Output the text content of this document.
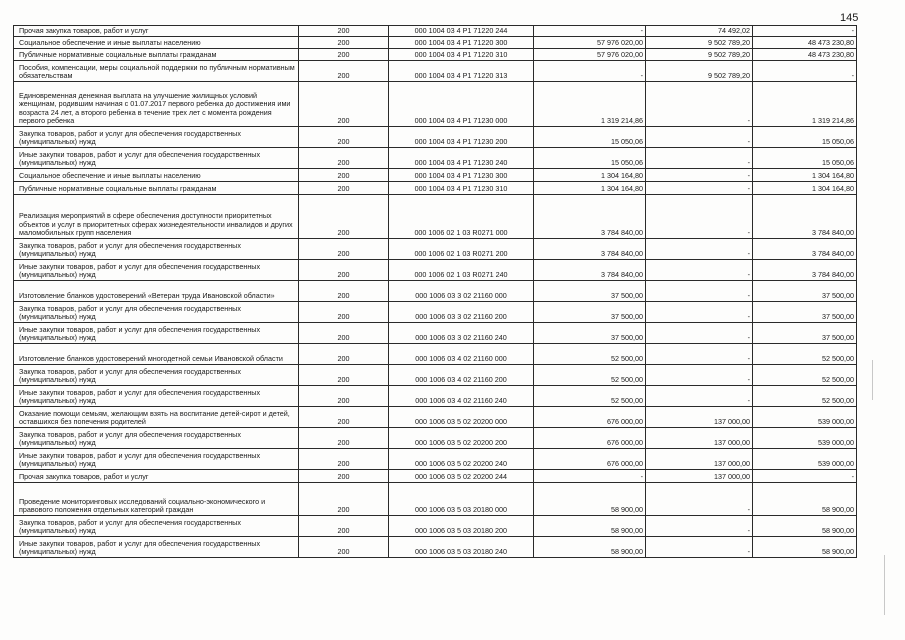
145
Прочая закупка товаров, работ и услуг	200	000 1004 03 4 P1 71220 244	-	74 492,02	-
Социальное обеспечение и иные выплаты населению	200	000 1004 03 4 P1 71220 300	57 976 020,00	9 502 789,20	48 473 230,80
Публичные нормативные социальные выплаты гражданам	200	000 1004 03 4 P1 71220 310	57 976 020,00	9 502 789,20	48 473 230,80
Пособия, компенсации, меры социальной поддержки по публичным нормативным обязательствам	200	000 1004 03 4 P1 71220 313	-	9 502 789,20	-
Единовременная денежная выплата на улучшение жилищных условий женщинам, родившим начиная с 01.07.2017 первого ребенка до достижения ими возраста 24 лет, а второго ребенка в течение трех лет с момента рождения первого ребенка	200	000 1004 03 4 P1 71230 000	1 319 214,86	-	1 319 214,86
Закупка товаров, работ и услуг для обеспечения государственных (муниципальных) нужд	200	000 1004 03 4 P1 71230 200	15 050,06	-	15 050,06
Иные закупки товаров, работ и услуг для обеспечения государственных (муниципальных) нужд	200	000 1004 03 4 P1 71230 240	15 050,06	-	15 050,06
Социальное обеспечение и иные выплаты населению	200	000 1004 03 4 P1 71230 300	1 304 164,80	-	1 304 164,80
Публичные нормативные социальные выплаты гражданам	200	000 1004 03 4 P1 71230 310	1 304 164,80	-	1 304 164,80
Реализация мероприятий в сфере обеспечения доступности приоритетных объектов и услуг в приоритетных сферах жизнедеятельности инвалидов и других маломобильных групп населения	200	000 1006 02 1 03 R0271 000	3 784 840,00	-	3 784 840,00
Закупка товаров, работ и услуг для обеспечения государственных (муниципальных) нужд	200	000 1006 02 1 03 R0271 200	3 784 840,00	-	3 784 840,00
Иные закупки товаров, работ и услуг для обеспечения государственных (муниципальных) нужд	200	000 1006 02 1 03 R0271 240	3 784 840,00	-	3 784 840,00
Изготовление бланков удостоверений «Ветеран труда Ивановской области»	200	000 1006 03 3 02 21160 000	37 500,00	-	37 500,00
Закупка товаров, работ и услуг для обеспечения государственных (муниципальных) нужд	200	000 1006 03 3 02 21160 200	37 500,00	-	37 500,00
Иные закупки товаров, работ и услуг для обеспечения государственных (муниципальных) нужд	200	000 1006 03 3 02 21160 240	37 500,00	-	37 500,00
Изготовление бланков удостоверений многодетной семьи Ивановской области	200	000 1006 03 4 02 21160 000	52 500,00	-	52 500,00
Закупка товаров, работ и услуг для обеспечения государственных (муниципальных) нужд	200	000 1006 03 4 02 21160 200	52 500,00	-	52 500,00
Иные закупки товаров, работ и услуг для обеспечения государственных (муниципальных) нужд	200	000 1006 03 4 02 21160 240	52 500,00	-	52 500,00
Оказание помощи семьям, желающим взять на воспитание детей-сирот и детей, оставшихся без попечения родителей	200	000 1006 03 5 02 20200 000	676 000,00	137 000,00	539 000,00
Закупка товаров, работ и услуг для обеспечения государственных (муниципальных) нужд	200	000 1006 03 5 02 20200 200	676 000,00	137 000,00	539 000,00
Иные закупки товаров, работ и услуг для обеспечения государственных (муниципальных) нужд	200	000 1006 03 5 02 20200 240	676 000,00	137 000,00	539 000,00
Прочая закупка товаров, работ и услуг	200	000 1006 03 5 02 20200 244	-	137 000,00	-
Проведение мониторинговых исследований социально-экономического и правового положения отдельных категорий граждан	200	000 1006 03 5 03 20180 000	58 900,00	-	58 900,00
Закупка товаров, работ и услуг для обеспечения государственных (муниципальных) нужд	200	000 1006 03 5 03 20180 200	58 900,00	-	58 900,00
Иные закупки товаров, работ и услуг для обеспечения государственных (муниципальных) нужд	200	000 1006 03 5 03 20180 240	58 900,00	-	58 900,00
